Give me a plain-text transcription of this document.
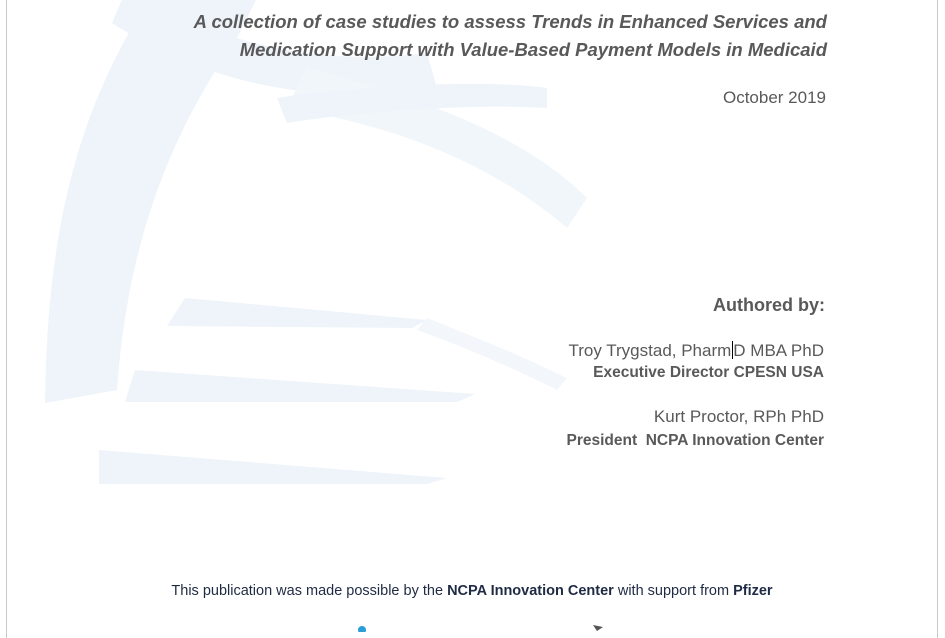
A collection of case studies to assess Trends in Enhanced Services and
Medication Support with Value-Based Payment Models in Medicaid
October 2019
Authored by:
Troy Trygstad, Pharm D MBA PhD
Executive Director CPESN USA
Kurt Proctor, RPh PhD
President  NCPA Innovation Center
This publication was made possible by the NCPA Innovation Center with support from Pfizer
